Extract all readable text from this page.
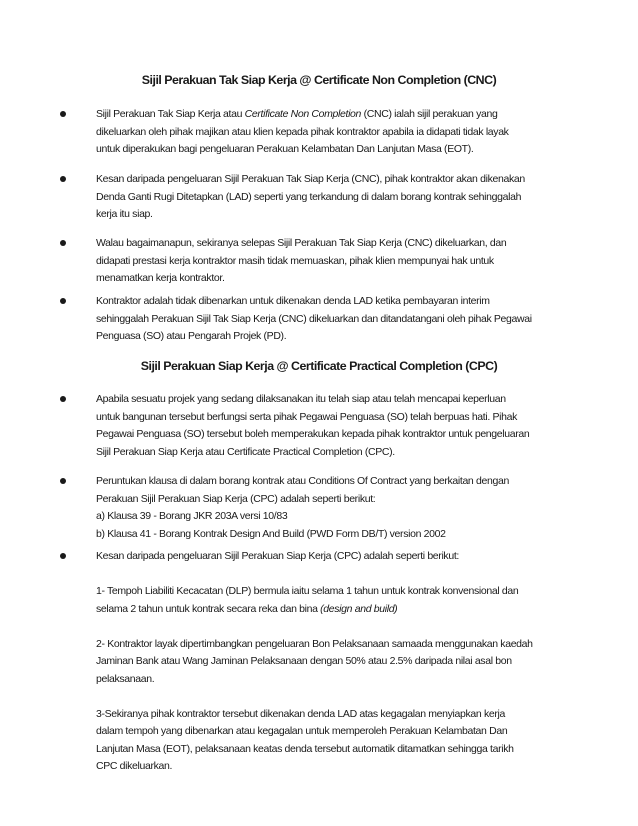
Sijil Perakuan Tak Siap Kerja @ Certificate Non Completion (CNC)
Sijil Perakuan Tak Siap Kerja atau Certificate Non Completion (CNC) ialah sijil perakuan yang
dikeluarkan oleh pihak majikan atau klien kepada pihak kontraktor apabila ia didapati tidak layak
untuk diperakukan bagi pengeluaran Perakuan Kelambatan Dan Lanjutan Masa (EOT).
Kesan daripada pengeluaran Sijil Perakuan Tak Siap Kerja (CNC), pihak kontraktor akan dikenakan
Denda Ganti Rugi Ditetapkan (LAD) seperti yang terkandung di dalam borang kontrak sehinggalah
kerja itu siap.
Walau bagaimanapun, sekiranya selepas Sijil Perakuan Tak Siap Kerja (CNC) dikeluarkan, dan
didapati prestasi kerja kontraktor masih tidak memuaskan, pihak klien mempunyai hak untuk
menamatkan kerja kontraktor.
Kontraktor adalah tidak dibenarkan untuk dikenakan denda LAD ketika pembayaran interim
sehinggalah Perakuan Sijil Tak Siap Kerja (CNC) dikeluarkan dan ditandatangani oleh pihak Pegawai
Penguasa (SO) atau Pengarah Projek (PD).
Sijil Perakuan Siap Kerja @ Certificate Practical Completion (CPC)
Apabila sesuatu projek yang sedang dilaksanakan itu telah siap atau telah mencapai keperluan
untuk bangunan tersebut berfungsi serta pihak Pegawai Penguasa (SO) telah berpuas hati. Pihak
Pegawai Penguasa (SO) tersebut boleh memperakukan kepada pihak kontraktor untuk pengeluaran
Sijil Perakuan Siap Kerja atau Certificate Practical Completion (CPC).
Peruntukan klausa di dalam borang kontrak atau Conditions Of Contract yang berkaitan dengan
Perakuan Sijil Perakuan Siap Kerja (CPC) adalah seperti berikut:
a) Klausa 39 - Borang JKR 203A versi 10/83
b) Klausa 41 - Borang Kontrak Design And Build (PWD Form DB/T) version 2002
Kesan daripada pengeluaran Sijil Perakuan Siap Kerja (CPC) adalah seperti berikut:
1- Tempoh Liabiliti Kecacatan (DLP) bermula iaitu selama 1 tahun untuk kontrak konvensional dan
selama 2 tahun untuk kontrak secara reka dan bina (design and build)
2- Kontraktor layak dipertimbangkan pengeluaran Bon Pelaksanaan samaada menggunakan kaedah
Jaminan Bank atau Wang Jaminan Pelaksanaan dengan 50% atau 2.5% daripada nilai asal bon
pelaksanaan.
3-Sekiranya pihak kontraktor tersebut dikenakan denda LAD atas kegagalan menyiapkan kerja
dalam tempoh yang dibenarkan atau kegagalan untuk memperoleh Perakuan Kelambatan Dan
Lanjutan Masa (EOT), pelaksanaan keatas denda tersebut automatik ditamatkan sehingga tarikh
CPC dikeluarkan.
